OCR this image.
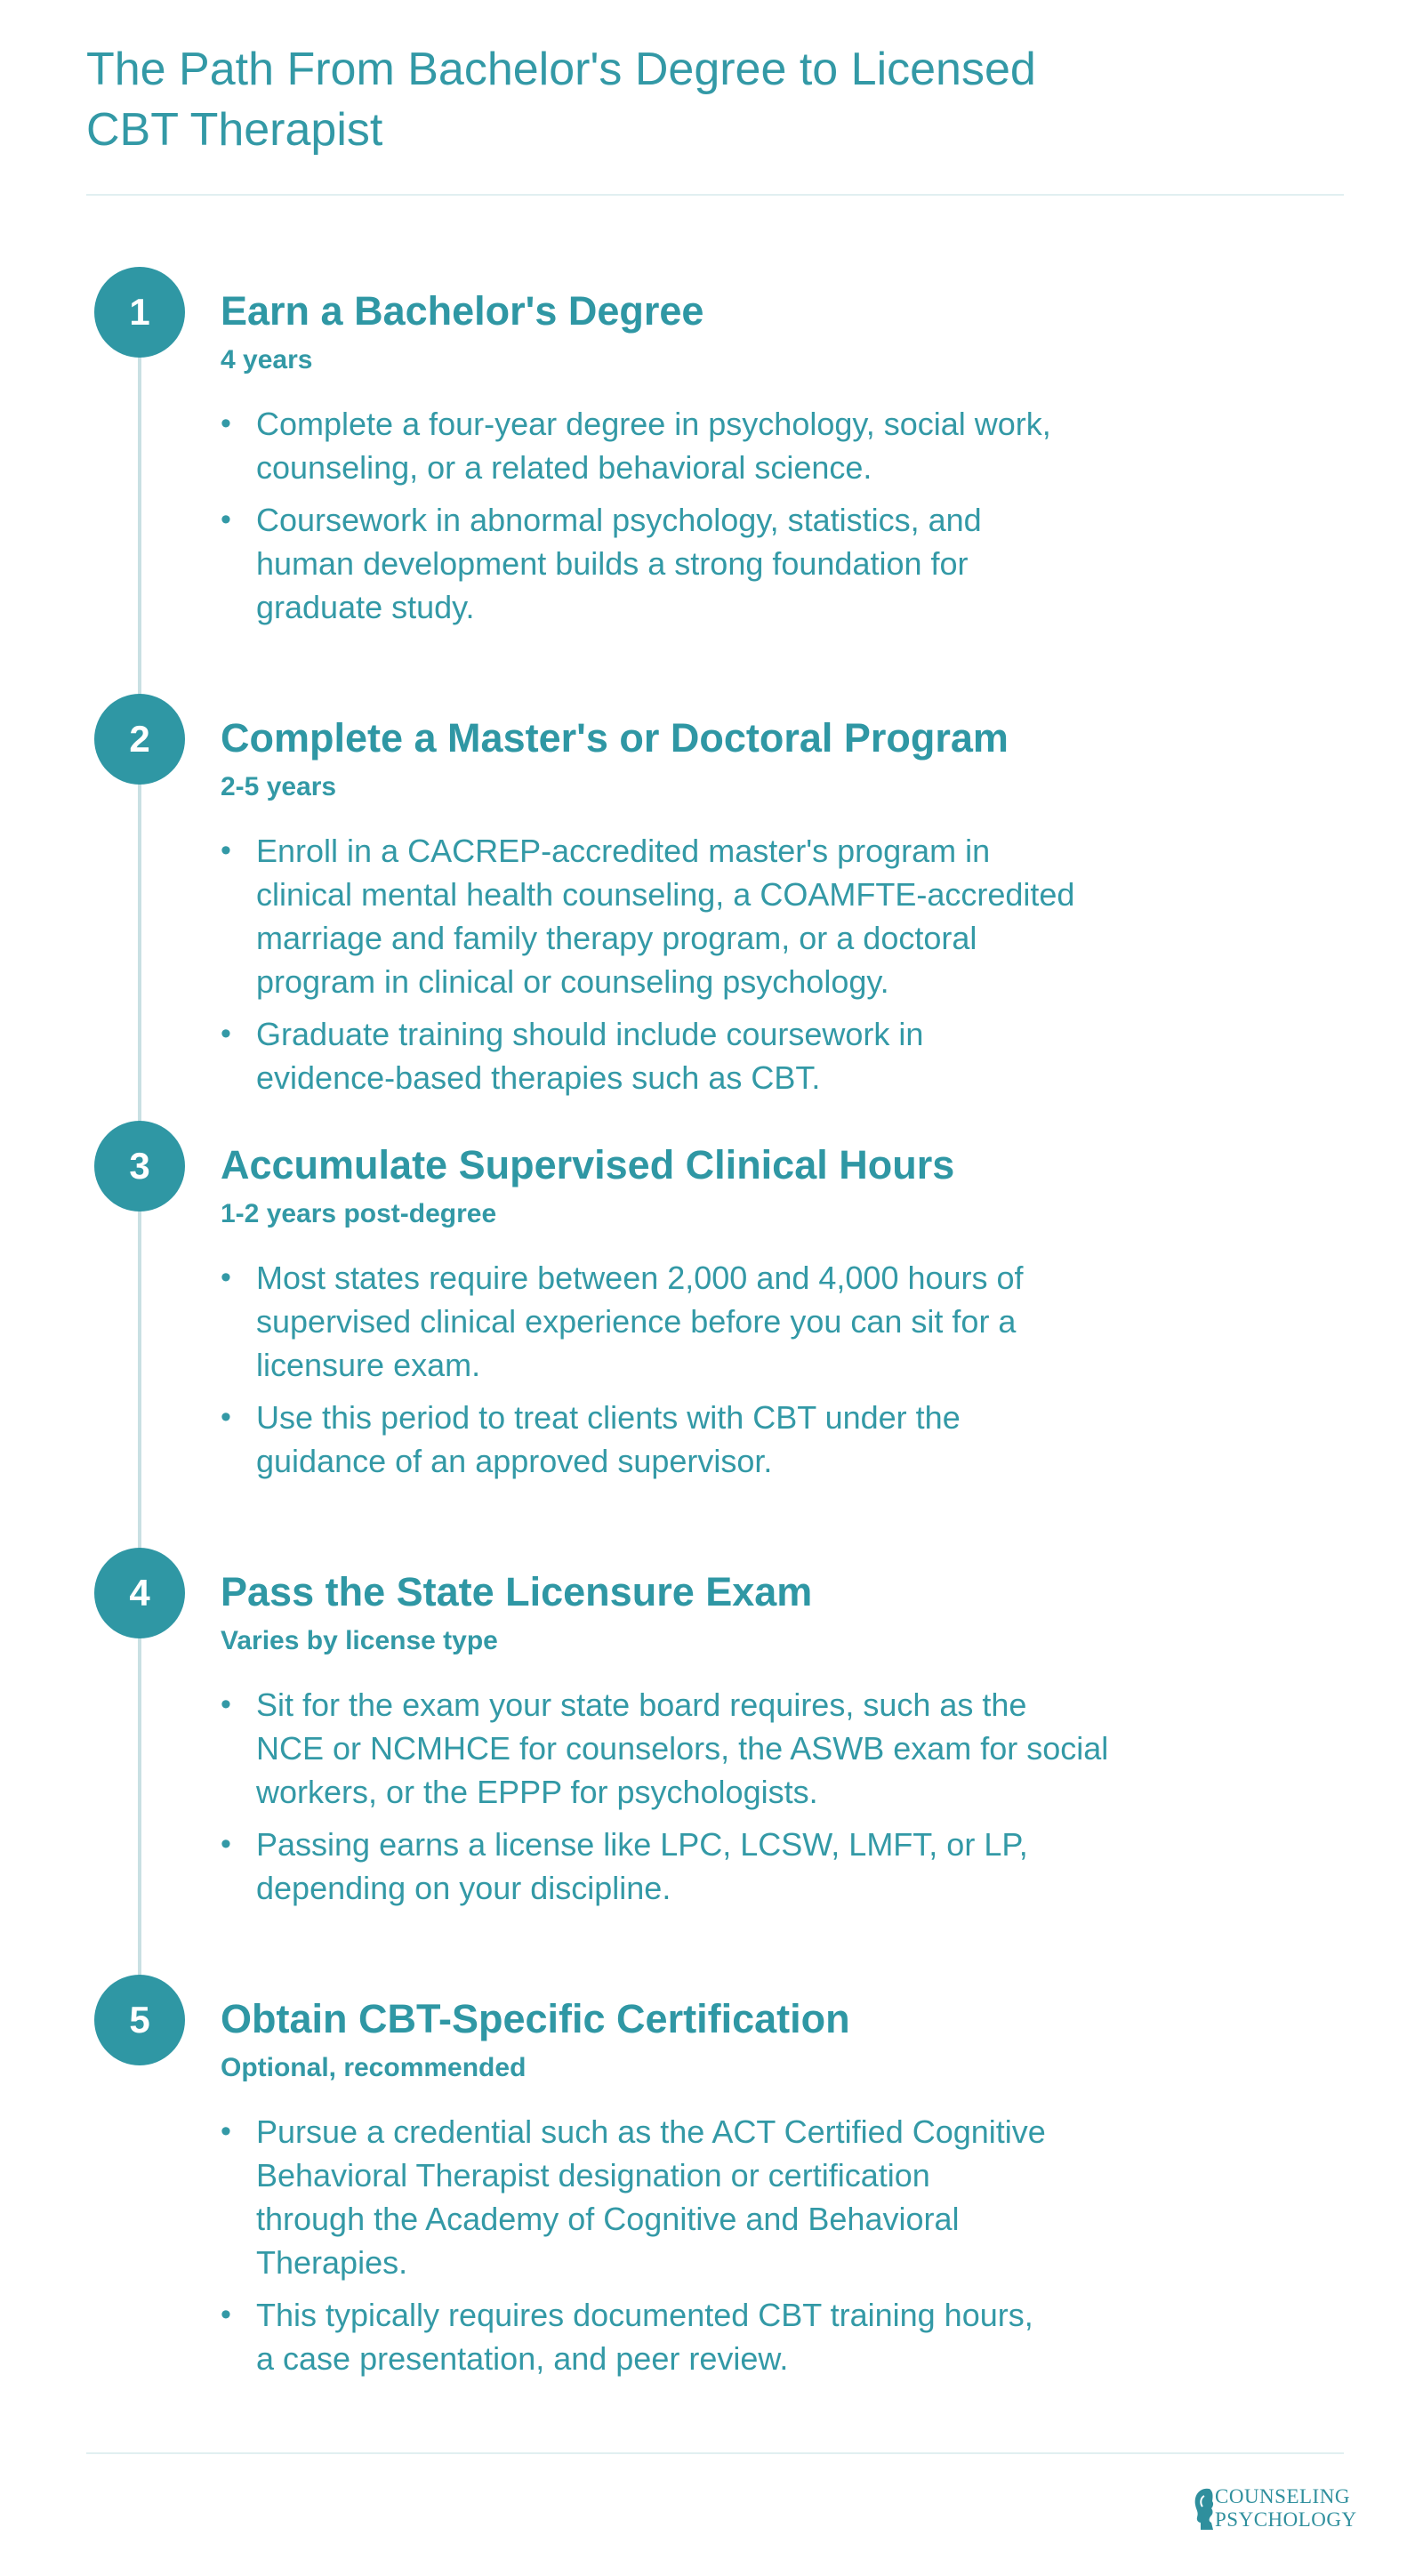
The Path From Bachelor's Degree to Licensed
CBT Therapist
1	Earn a Bachelor's Degree
4 years
• Complete a four-year degree in psychology, social work,
counseling, or a related behavioral science.
• Coursework in abnormal psychology, statistics, and
human development builds a strong foundation for
graduate study.
2	Complete a Master's or Doctoral Program
2-5 years
• Enroll in a CACREP-accredited master's program in
clinical mental health counseling, a COAMFTE-accredited
marriage and family therapy program, or a doctoral
program in clinical or counseling psychology.
• Graduate training should include coursework in
evidence-based therapies such as CBT.
3	Accumulate Supervised Clinical Hours
1-2 years post-degree
• Most states require between 2,000 and 4,000 hours of
supervised clinical experience before you can sit for a
licensure exam.
• Use this period to treat clients with CBT under the
guidance of an approved supervisor.
4	Pass the State Licensure Exam
Varies by license type
• Sit for the exam your state board requires, such as the
NCE or NCMHCE for counselors, the ASWB exam for social
workers, or the EPPP for psychologists.
• Passing earns a license like LPC, LCSW, LMFT, or LP,
depending on your discipline.
5	Obtain CBT-Specific Certification
Optional, recommended
• Pursue a credential such as the ACT Certified Cognitive
Behavioral Therapist designation or certification
through the Academy of Cognitive and Behavioral
Therapies.
• This typically requires documented CBT training hours,
a case presentation, and peer review.
COUNSELING
PSYCHOLOGY
